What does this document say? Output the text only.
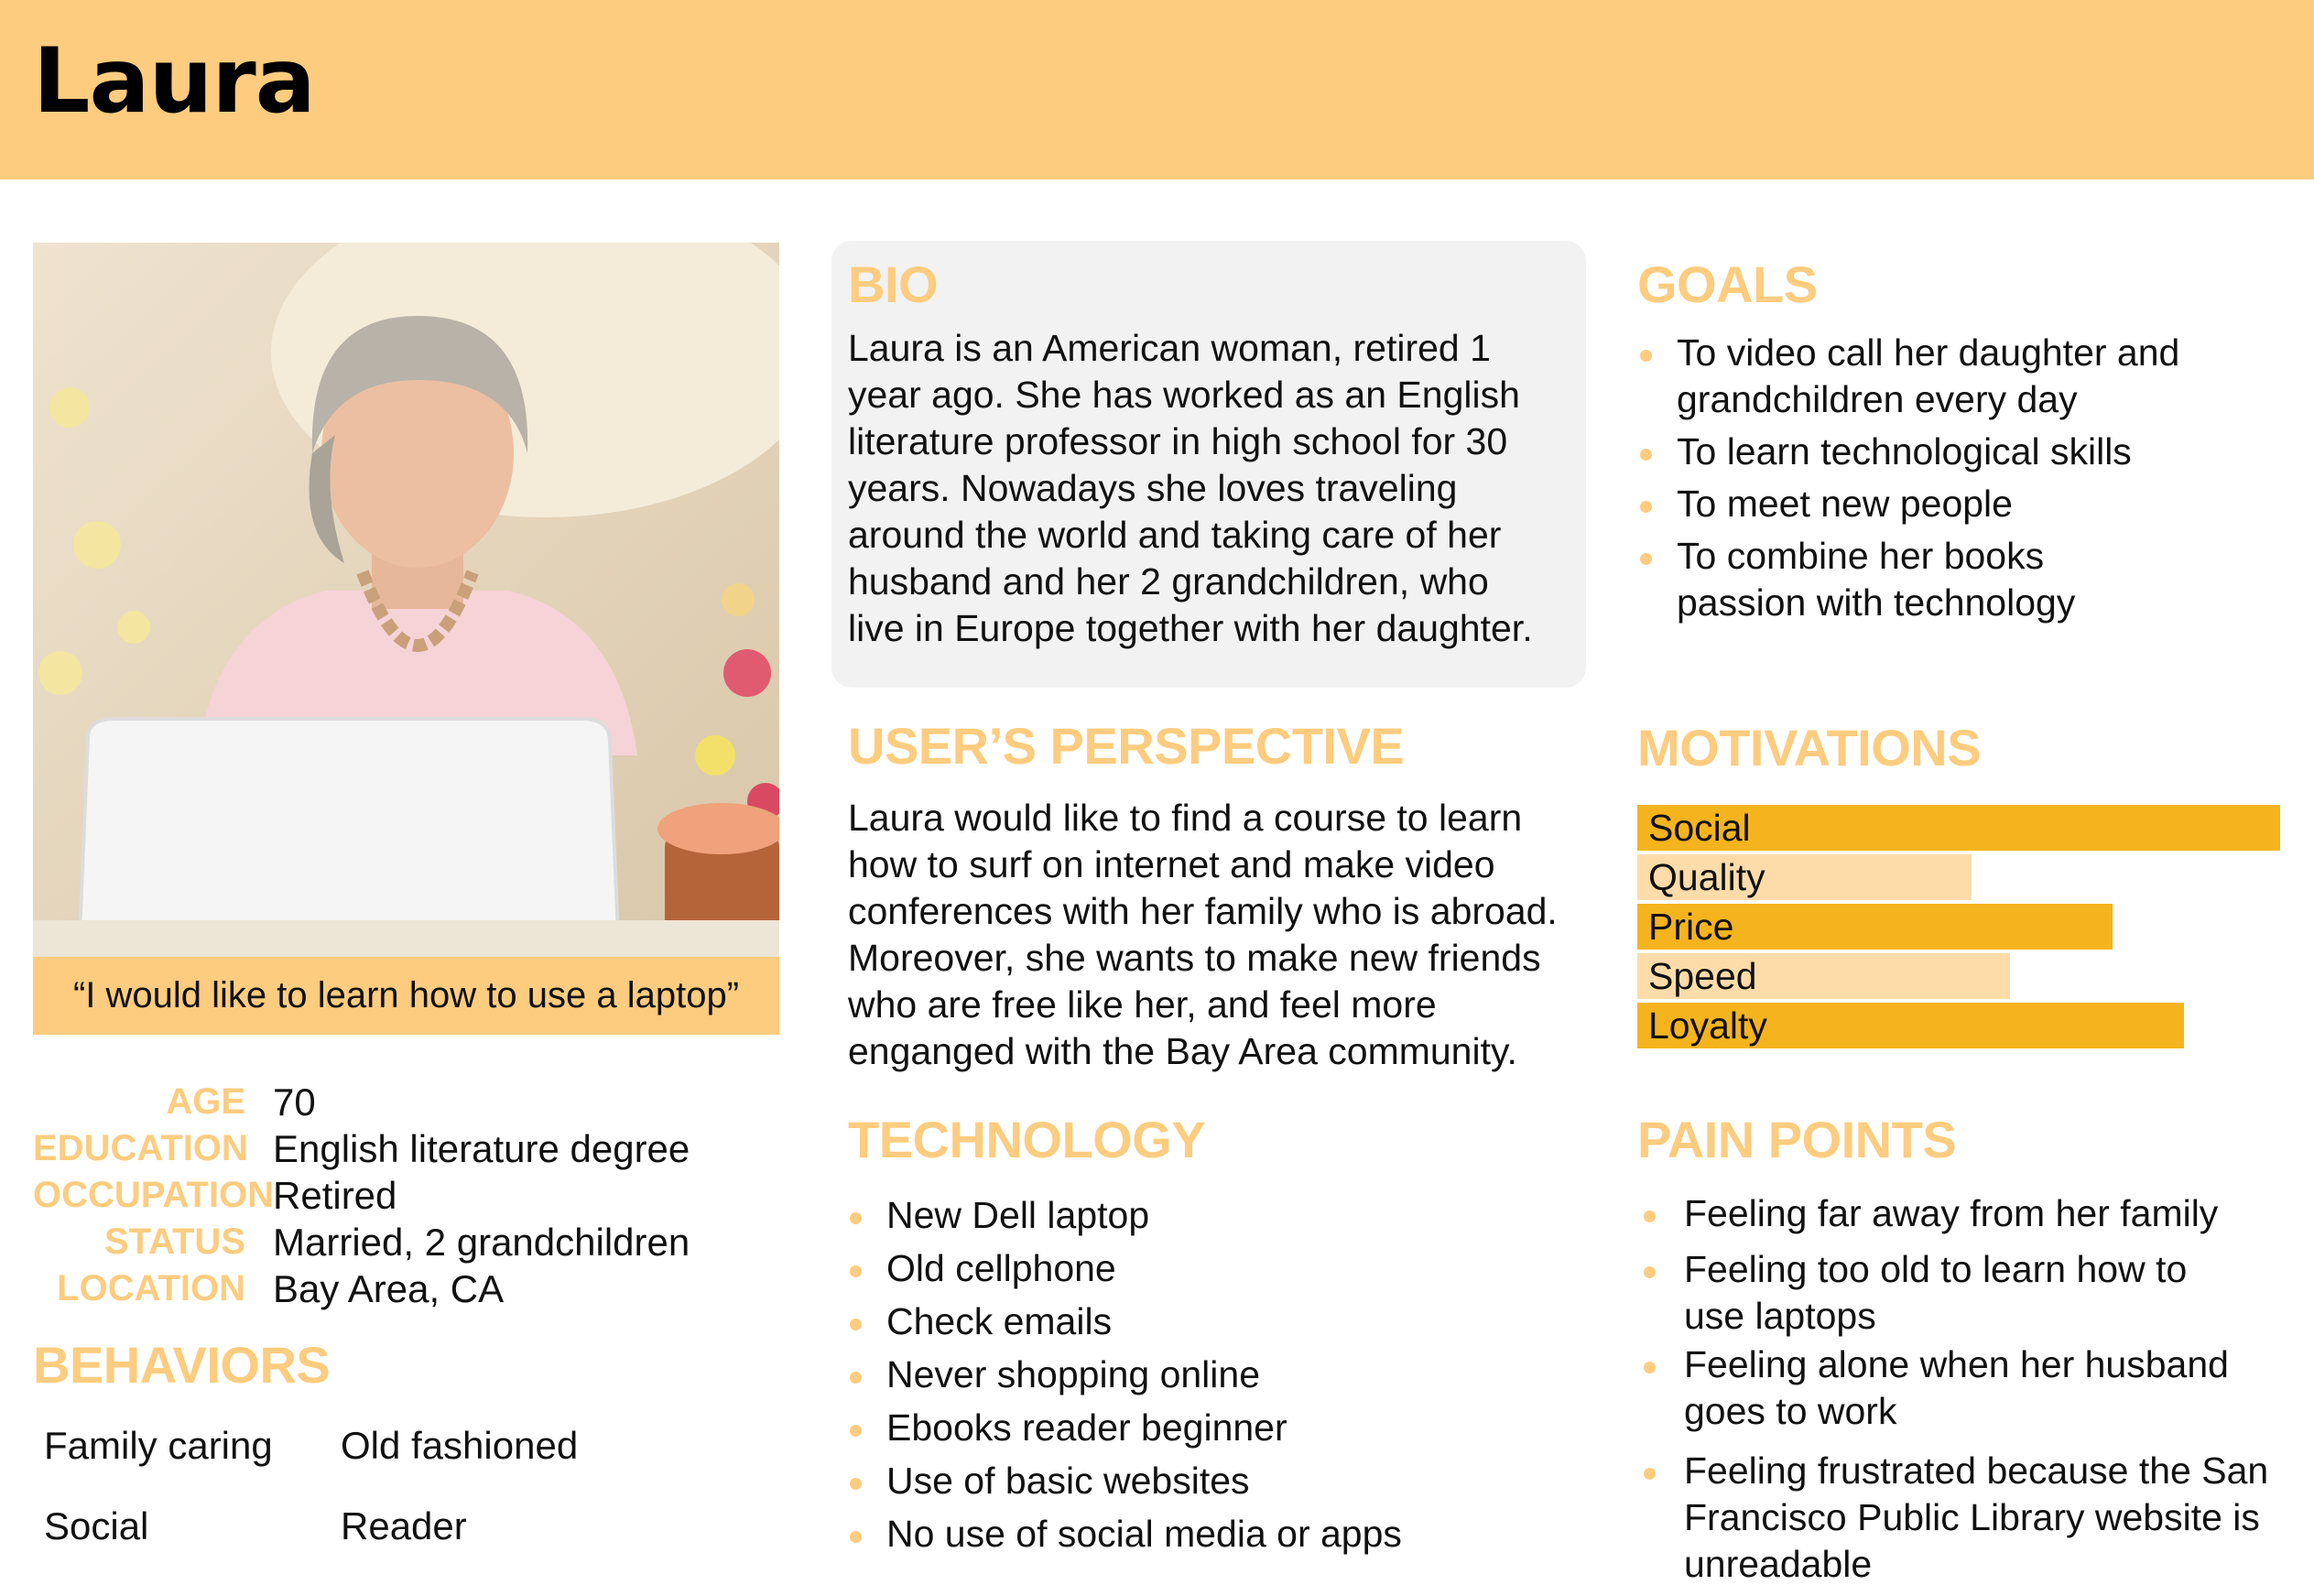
Laura
“I would like to learn how to use a laptop”
AGE 70
EDUCATION English literature degree
OCCUPATION Retired
STATUS Married, 2 grandchildren
LOCATION Bay Area, CA
BEHAVIORS
Family caring Old fashioned
Social	Reader
BIO
Laura is an American woman, retired 1
year ago. She has worked as an English
literature professor in high school for 30
years. Nowadays she loves traveling
around the world and taking care of her
husband and her 2 grandchildren, who
live in Europe together with her daughter.
USER’S PERSPECTIVE
Laura would like to find a course to learn
how to surf on internet and make video
conferences with her family who is abroad.
Moreover, she wants to make new friends
who are free like her, and feel more
enganged with the Bay Area community.
TECHNOLOGY
New Dell laptop
Old cellphone
Check emails
Never shopping online
Ebooks reader beginner
Use of basic websites
No use of social media or apps
GOALS
To video call her daughter and
grandchildren every day
To learn technological skills
To meet new people
To combine her books
passion with technology
MOTIVATIONS
Social
Quality
Price
Speed
Loyalty
PAIN POINTS
Feeling far away from her family
Feeling too old to learn how to
use laptops
Feeling alone when her husband
goes to work
Feeling frustrated because the San
Francisco Public Library website is
unreadable
